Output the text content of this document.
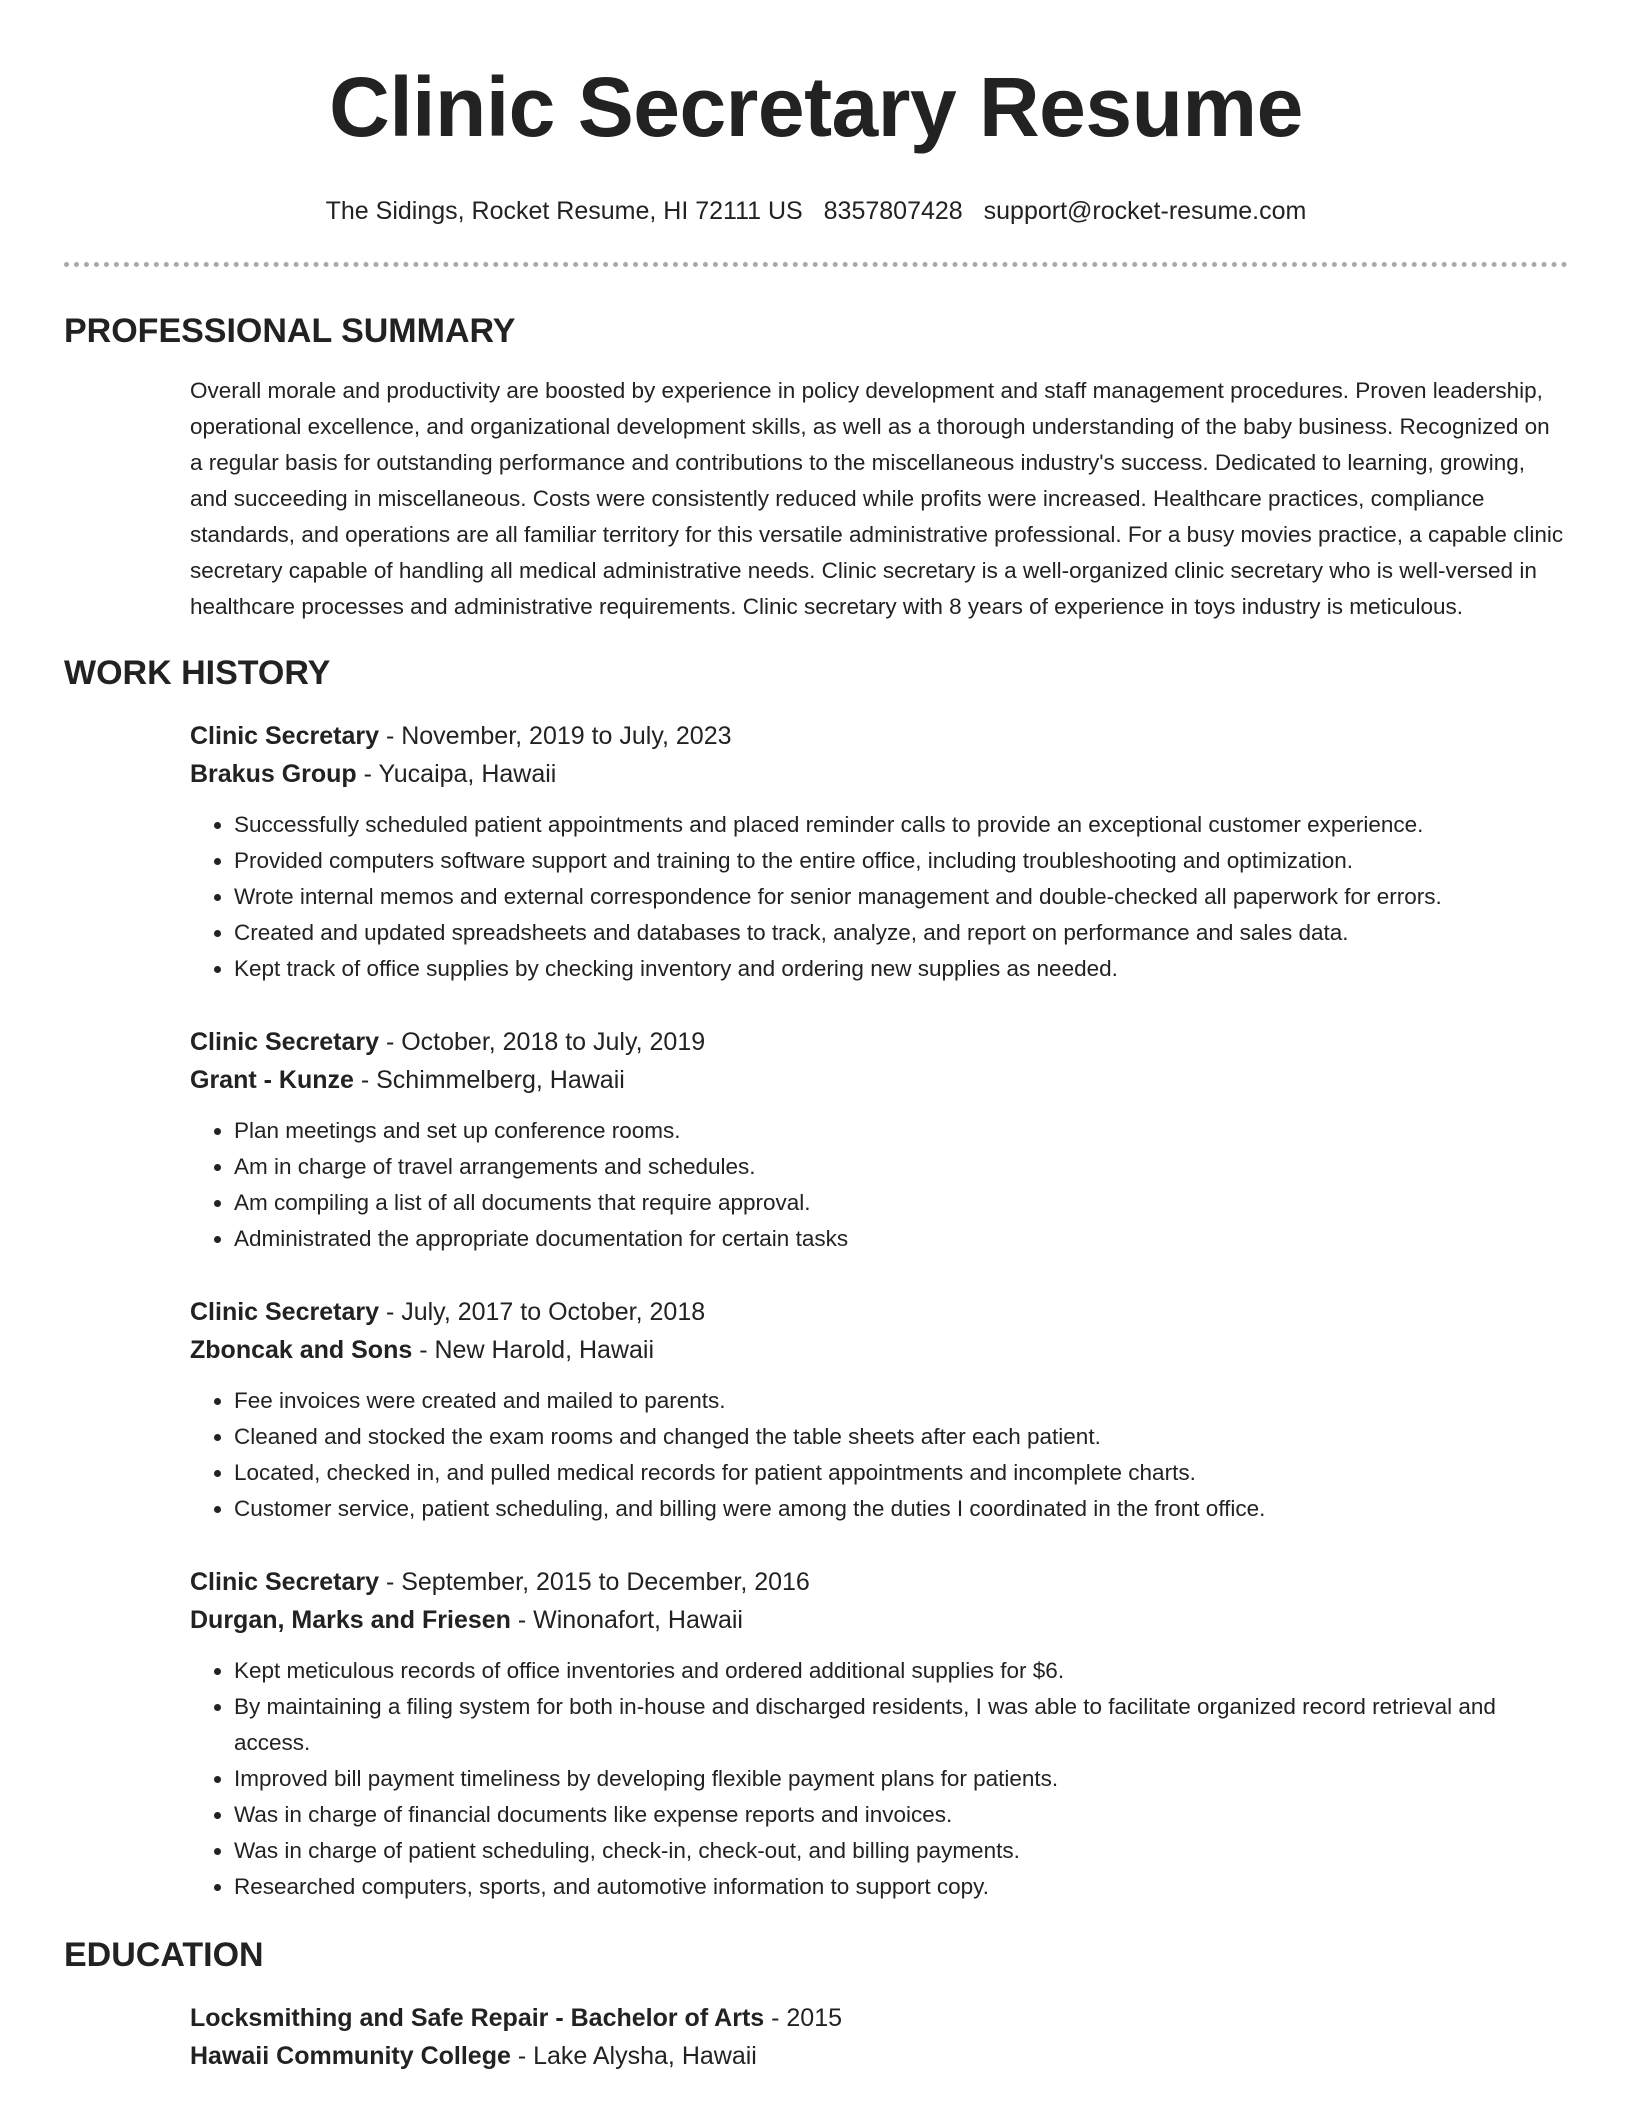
Clinic Secretary Resume
The Sidings, Rocket Resume, HI 72111 US 8357807428 support@rocket-resume.com
PROFESSIONAL SUMMARY
Overall morale and productivity are boosted by experience in policy development and staff management procedures. Proven leadership, operational excellence, and organizational development skills, as well as a thorough understanding of the baby business. Recognized on a regular basis for outstanding performance and contributions to the miscellaneous industry's success. Dedicated to learning, growing, and succeeding in miscellaneous. Costs were consistently reduced while profits were increased. Healthcare practices, compliance standards, and operations are all familiar territory for this versatile administrative professional. For a busy movies practice, a capable clinic secretary capable of handling all medical administrative needs. Clinic secretary is a well-organized clinic secretary who is well-versed in healthcare processes and administrative requirements. Clinic secretary with 8 years of experience in toys industry is meticulous.
WORK HISTORY
Clinic Secretary - November, 2019 to July, 2023
Brakus Group - Yucaipa, Hawaii
• Successfully scheduled patient appointments and placed reminder calls to provide an exceptional customer experience.
• Provided computers software support and training to the entire office, including troubleshooting and optimization.
• Wrote internal memos and external correspondence for senior management and double-checked all paperwork for errors.
• Created and updated spreadsheets and databases to track, analyze, and report on performance and sales data.
• Kept track of office supplies by checking inventory and ordering new supplies as needed.
Clinic Secretary - October, 2018 to July, 2019
Grant - Kunze - Schimmelberg, Hawaii
• Plan meetings and set up conference rooms.
• Am in charge of travel arrangements and schedules.
• Am compiling a list of all documents that require approval.
• Administrated the appropriate documentation for certain tasks
Clinic Secretary - July, 2017 to October, 2018
Zboncak and Sons - New Harold, Hawaii
• Fee invoices were created and mailed to parents.
• Cleaned and stocked the exam rooms and changed the table sheets after each patient.
• Located, checked in, and pulled medical records for patient appointments and incomplete charts.
• Customer service, patient scheduling, and billing were among the duties I coordinated in the front office.
Clinic Secretary - September, 2015 to December, 2016
Durgan, Marks and Friesen - Winonafort, Hawaii
• Kept meticulous records of office inventories and ordered additional supplies for $6.
• By maintaining a filing system for both in-house and discharged residents, I was able to facilitate organized record retrieval and access.
• Improved bill payment timeliness by developing flexible payment plans for patients.
• Was in charge of financial documents like expense reports and invoices.
• Was in charge of patient scheduling, check-in, check-out, and billing payments.
• Researched computers, sports, and automotive information to support copy.
EDUCATION
Locksmithing and Safe Repair - Bachelor of Arts - 2015
Hawaii Community College - Lake Alysha, Hawaii
